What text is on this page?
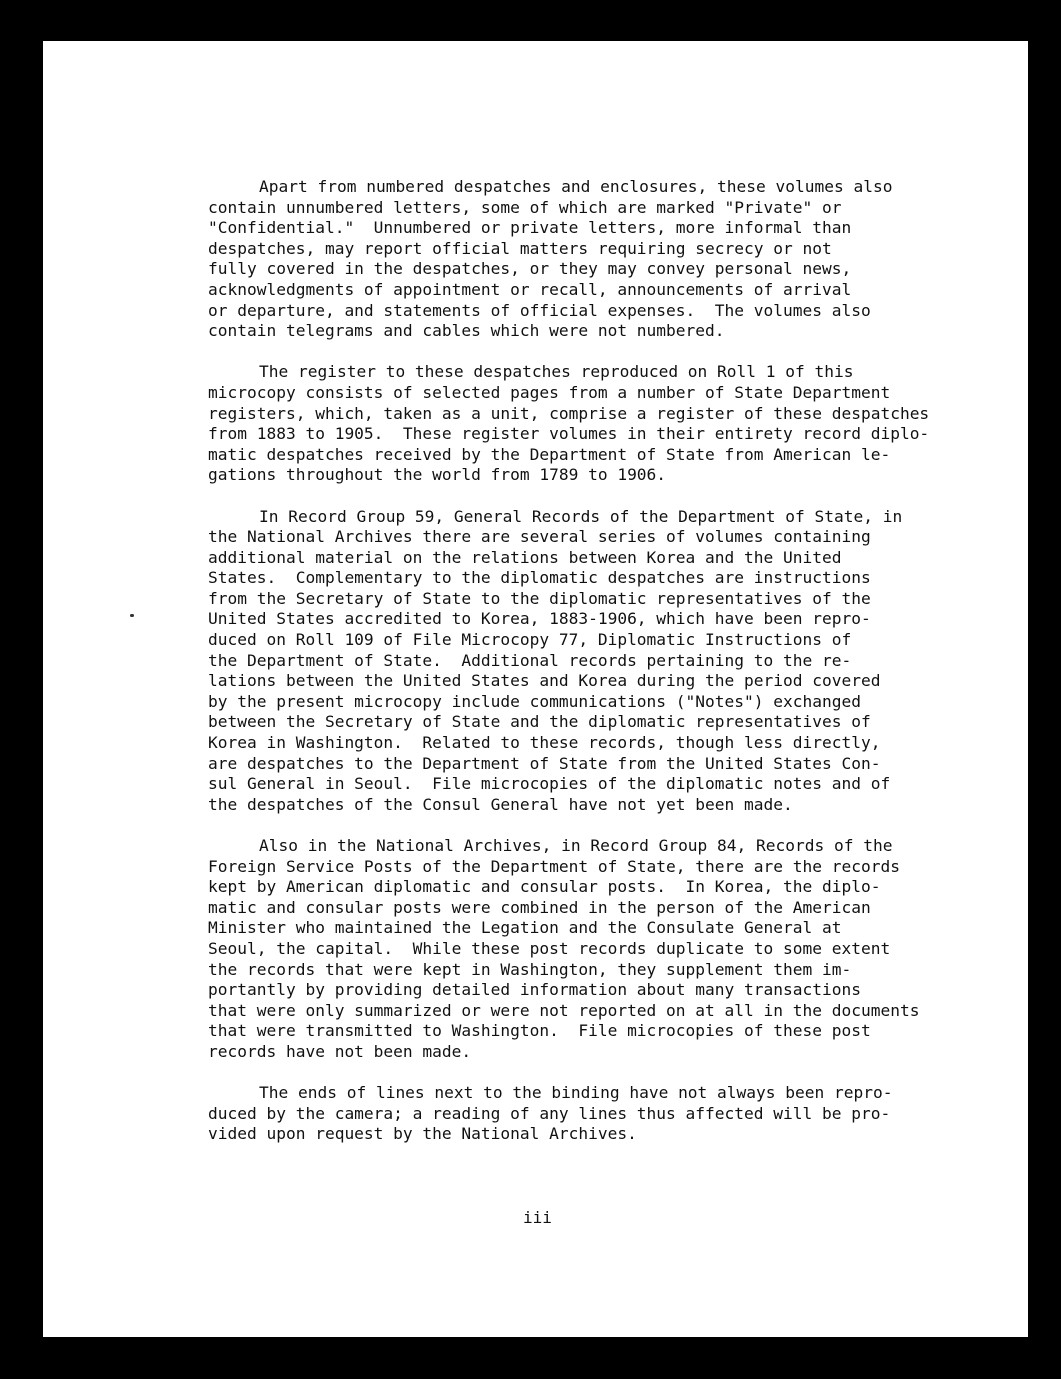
Apart from numbered despatches and enclosures, these volumes also
contain unnumbered letters, some of which are marked "Private" or
"Confidential."  Unnumbered or private letters, more informal than
despatches, may report official matters requiring secrecy or not
fully covered in the despatches, or they may convey personal news,
acknowledgments of appointment or recall, announcements of arrival
or departure, and statements of official expenses.  The volumes also
contain telegrams and cables which were not numbered.
The register to these despatches reproduced on Roll 1 of this
microcopy consists of selected pages from a number of State Department
registers, which, taken as a unit, comprise a register of these despatches
from 1883 to 1905.  These register volumes in their entirety record diplo-
matic despatches received by the Department of State from American le-
gations throughout the world from 1789 to 1906.
In Record Group 59, General Records of the Department of State, in
the National Archives there are several series of volumes containing
additional material on the relations between Korea and the United
States.  Complementary to the diplomatic despatches are instructions
from the Secretary of State to the diplomatic representatives of the
United States accredited to Korea, 1883-1906, which have been repro-
duced on Roll 109 of File Microcopy 77, Diplomatic Instructions of
the Department of State.  Additional records pertaining to the re-
lations between the United States and Korea during the period covered
by the present microcopy include communications ("Notes") exchanged
between the Secretary of State and the diplomatic representatives of
Korea in Washington.  Related to these records, though less directly,
are despatches to the Department of State from the United States Con-
sul General in Seoul.  File microcopies of the diplomatic notes and of
the despatches of the Consul General have not yet been made.
Also in the National Archives, in Record Group 84, Records of the
Foreign Service Posts of the Department of State, there are the records
kept by American diplomatic and consular posts.  In Korea, the diplo-
matic and consular posts were combined in the person of the American
Minister who maintained the Legation and the Consulate General at
Seoul, the capital.  While these post records duplicate to some extent
the records that were kept in Washington, they supplement them im-
portantly by providing detailed information about many transactions
that were only summarized or were not reported on at all in the documents
that were transmitted to Washington.  File microcopies of these post
records have not been made.
The ends of lines next to the binding have not always been repro-
duced by the camera; a reading of any lines thus affected will be pro-
vided upon request by the National Archives.
iii
